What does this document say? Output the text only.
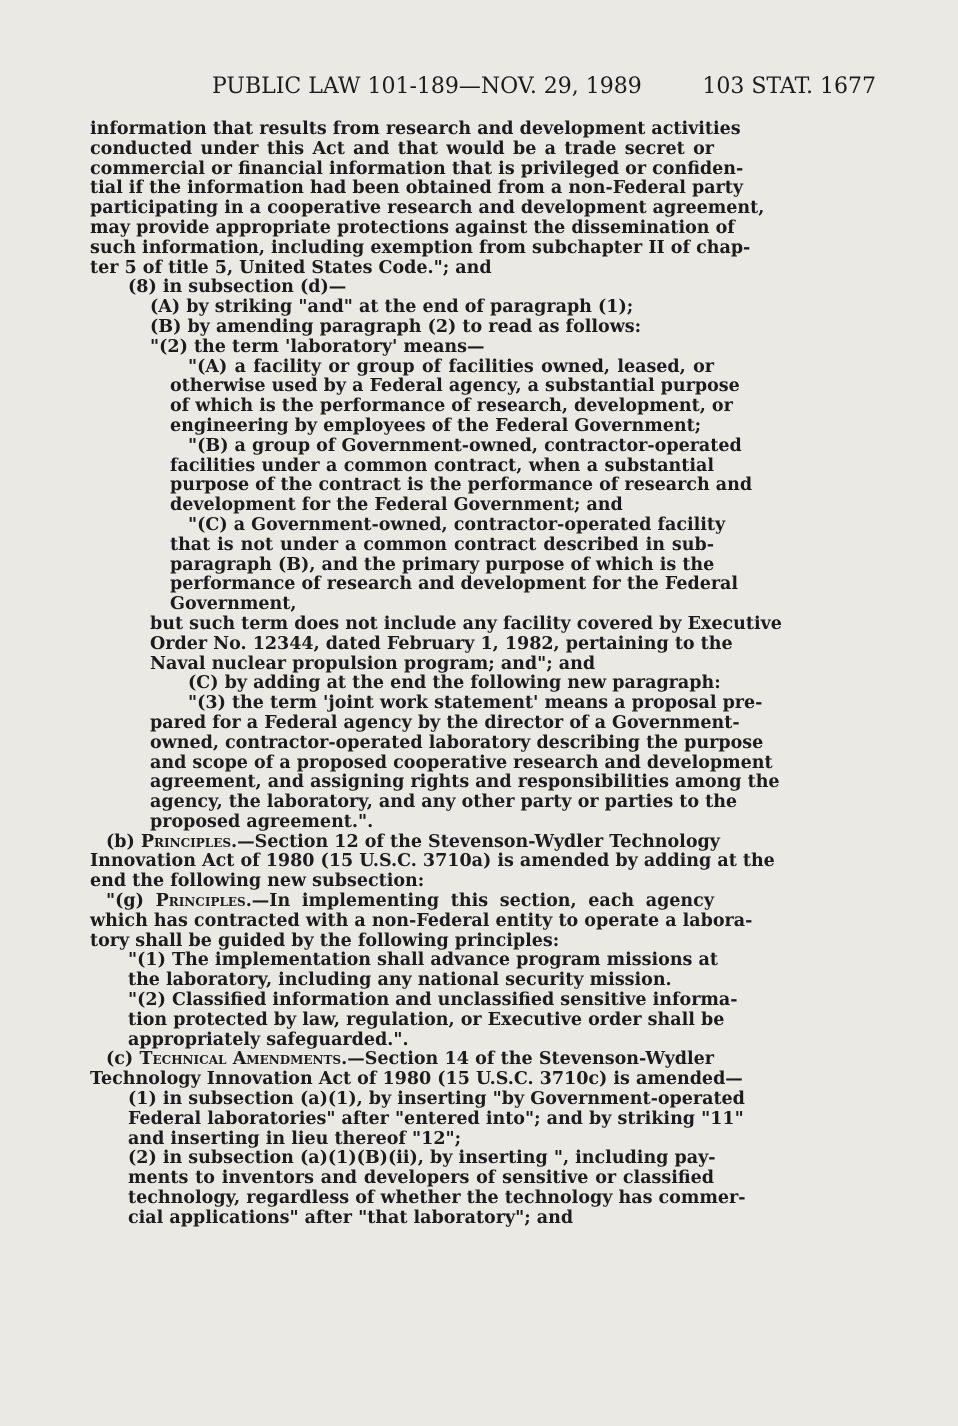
PUBLIC LAW 101-189—NOV. 29, 1989	103 STAT. 1677
information that results from research and development activities
conducted under this Act and that would be a trade secret or
commercial or financial information that is privileged or confiden-
tial if the information had been obtained from a non-Federal party
participating in a cooperative research and development agreement,
may provide appropriate protections against the dissemination of
such information, including exemption from subchapter II of chap-
ter 5 of title 5, United States Code."; and
(8) in subsection (d)—
(A) by striking "and" at the end of paragraph (1);
(B) by amending paragraph (2) to read as follows:
"(2) the term 'laboratory' means—
"(A) a facility or group of facilities owned, leased, or
otherwise used by a Federal agency, a substantial purpose
of which is the performance of research, development, or
engineering by employees of the Federal Government;
"(B) a group of Government-owned, contractor-operated
facilities under a common contract, when a substantial
purpose of the contract is the performance of research and
development for the Federal Government; and
"(C) a Government-owned, contractor-operated facility
that is not under a common contract described in sub-
paragraph (B), and the primary purpose of which is the
performance of research and development for the Federal
Government,
but such term does not include any facility covered by Executive
Order No. 12344, dated February 1, 1982, pertaining to the
Naval nuclear propulsion program; and"; and
(C) by adding at the end the following new paragraph:
"(3) the term 'joint work statement' means a proposal pre-
pared for a Federal agency by the director of a Government-
owned, contractor-operated laboratory describing the purpose
and scope of a proposed cooperative research and development
agreement, and assigning rights and responsibilities among the
agency, the laboratory, and any other party or parties to the
proposed agreement.".
(b) Principles.—Section 12 of the Stevenson-Wydler Technology
Innovation Act of 1980 (15 U.S.C. 3710a) is amended by adding at the
end the following new subsection:
"(g) Principles.—In implementing this section, each agency
which has contracted with a non-Federal entity to operate a labora-
tory shall be guided by the following principles:
"(1) The implementation shall advance program missions at
the laboratory, including any national security mission.
"(2) Classified information and unclassified sensitive informa-
tion protected by law, regulation, or Executive order shall be
appropriately safeguarded.".
(c) Technical Amendments.—Section 14 of the Stevenson-Wydler
Technology Innovation Act of 1980 (15 U.S.C. 3710c) is amended—
(1) in subsection (a)(1), by inserting "by Government-operated
Federal laboratories" after "entered into"; and by striking "11"
and inserting in lieu thereof "12";
(2) in subsection (a)(1)(B)(ii), by inserting ", including pay-
ments to inventors and developers of sensitive or classified
technology, regardless of whether the technology has commer-
cial applications" after "that laboratory"; and
